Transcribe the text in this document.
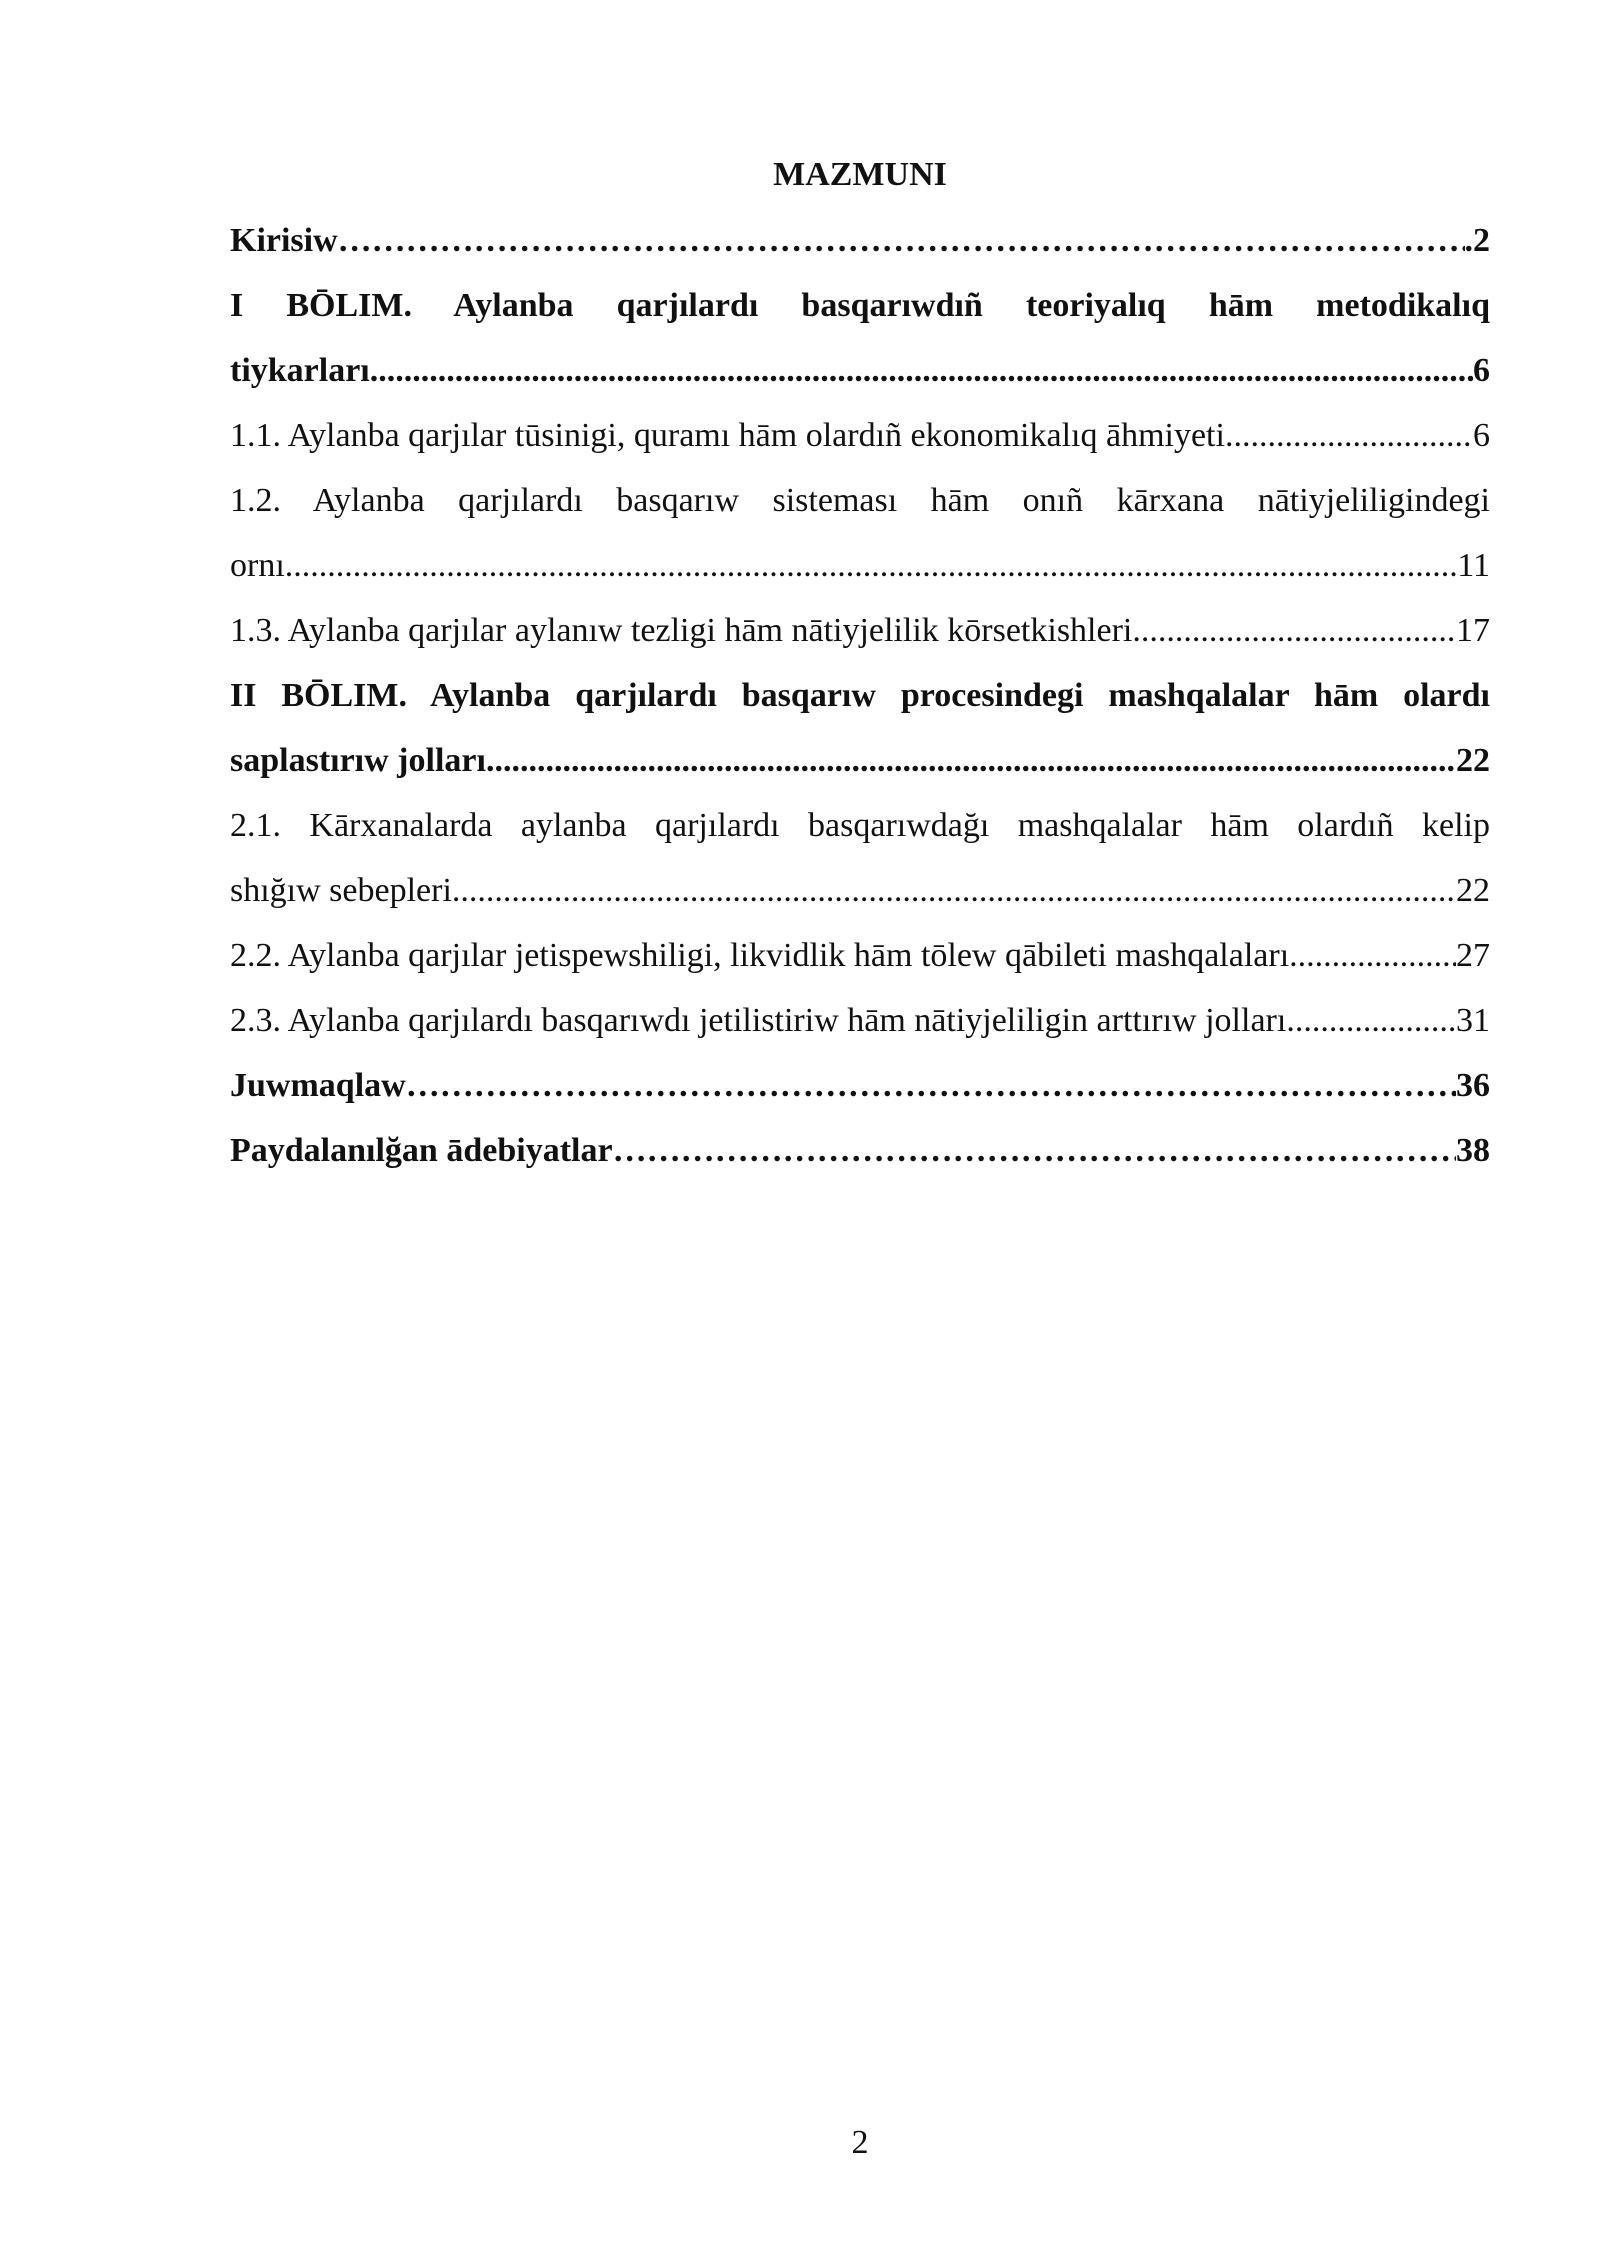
MAZMUNI
Kirisiw ……………………………………………………………………………………………………………………………………………………………………………………………………………………………	.2
I BŌLIM. Aylanba qarjılardı basqarıwdıñ teoriyalıq hām metodikalıq
tiykarları .....	6
1.1. Aylanba qarjılar tūsinigi, quramı hām olardıñ ekonomikalıq āhmiyeti .....	6
1.2. Aylanba qarjılardı basqarıw sisteması hām onıñ kārxana nātiyjeliligindegi
ornı .....	11
1.3. Aylanba qarjılar aylanıw tezligi hām nātiyjelilik kōrsetkishleri .....	17
II BŌLIM. Aylanba qarjılardı basqarıw procesindegi mashqalalar hām olardı
saplastırıw jolları .....	22
2.1. Kārxanalarda aylanba qarjılardı basqarıwdağı mashqalalar hām olardıñ kelip
shığıw sebepleri .....	22
2.2. Aylanba qarjılar jetispewshiligi, likvidlik hām tōlew qābileti mashqalaları .....	27
2.3. Aylanba qarjılardı basqarıwdı jetilistiriw hām nātiyjeliligin arttırıw jolları .....	31
Juwmaqlaw ……………………………………………………………………………………………………………………………………………………………………………………………………………………………	36
Paydalanılğan ādebiyatlar ……………………………………………………………………………………………………………………………………………………………………………………………………………………………	38
2
